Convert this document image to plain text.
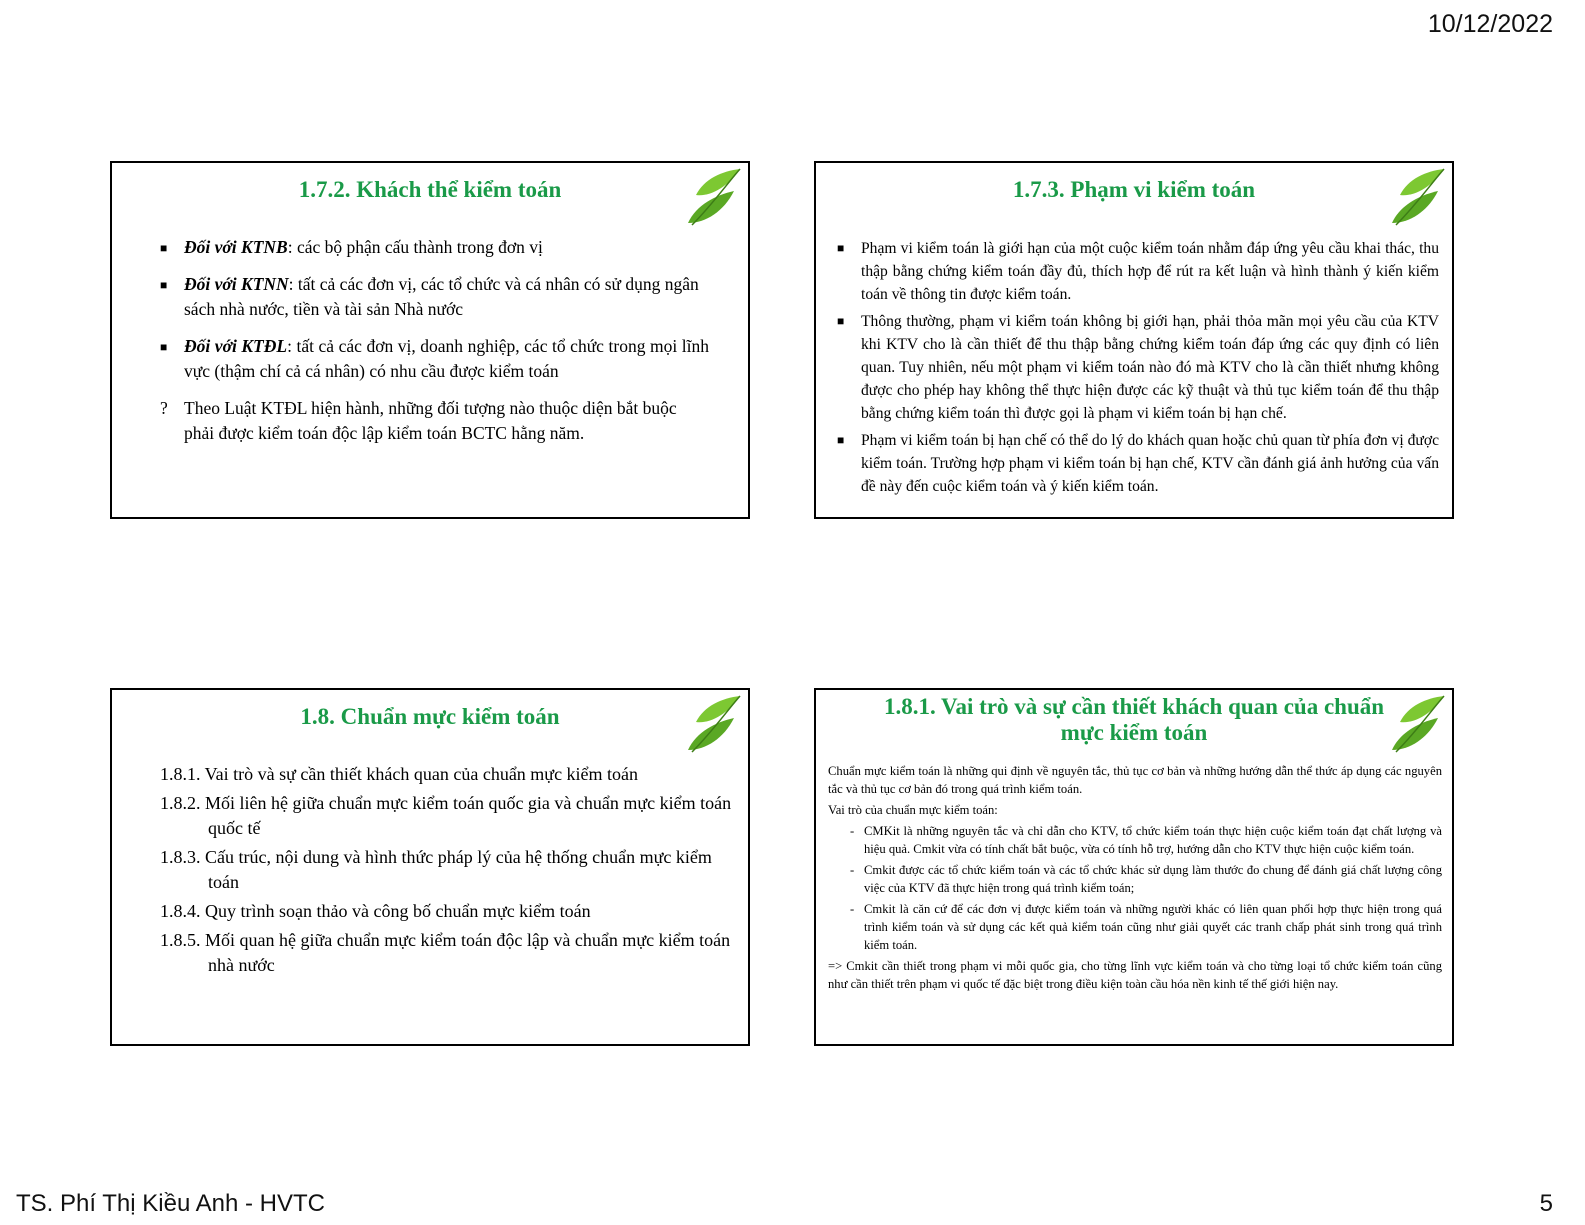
10/12/2022
1.7.2. Khách thể kiểm toán
■ Đối với KTNB: các bộ phận cấu thành trong đơn vị
■ Đối với KTNN: tất cả các đơn vị, các tổ chức và cá nhân có sử dụng ngân sách nhà nước, tiền và tài sản Nhà nước
■ Đối với KTĐL: tất cả các đơn vị, doanh nghiệp, các tổ chức trong mọi lĩnh vực (thậm chí cả cá nhân) có nhu cầu được kiểm toán
? Theo Luật KTĐL hiện hành, những đối tượng nào thuộc diện bắt buộc phải được kiểm toán độc lập kiểm toán BCTC hằng năm.
1.7.3. Phạm vi kiểm toán
■ Phạm vi kiểm toán là giới hạn của một cuộc kiểm toán nhằm đáp ứng yêu cầu khai thác, thu thập bằng chứng kiểm toán đầy đủ, thích hợp để rút ra kết luận và hình thành ý kiến kiểm toán về thông tin được kiểm toán.
■ Thông thường, phạm vi kiểm toán không bị giới hạn, phải thỏa mãn mọi yêu cầu của KTV khi KTV cho là cần thiết để thu thập bằng chứng kiểm toán đáp ứng các quy định có liên quan. Tuy nhiên, nếu một phạm vi kiểm toán nào đó mà KTV cho là cần thiết nhưng không được cho phép hay không thể thực hiện được các kỹ thuật và thủ tục kiểm toán để thu thập bằng chứng kiểm toán thì được gọi là phạm vi kiểm toán bị hạn chế.
■ Phạm vi kiểm toán bị hạn chế có thể do lý do khách quan hoặc chủ quan từ phía đơn vị được kiểm toán. Trường hợp phạm vi kiểm toán bị hạn chế, KTV cần đánh giá ảnh hưởng của vấn đề này đến cuộc kiểm toán và ý kiến kiểm toán.
1.8. Chuẩn mực kiểm toán
1.8.1. Vai trò và sự cần thiết khách quan của chuẩn mực kiểm toán
1.8.2. Mối liên hệ giữa chuẩn mực kiểm toán quốc gia và chuẩn mực kiểm toán quốc tế
1.8.3. Cấu trúc, nội dung và hình thức pháp lý của hệ thống chuẩn mực kiểm toán
1.8.4. Quy trình soạn thảo và công bố chuẩn mực kiểm toán
1.8.5. Mối quan hệ giữa chuẩn mực kiểm toán độc lập và chuẩn mực kiểm toán nhà nước
1.8.1. Vai trò và sự cần thiết khách quan của chuẩn mực kiểm toán

Chuẩn mực kiểm toán là những qui định về nguyên tắc, thủ tục cơ bản và những hướng dẫn thể thức áp dụng các nguyên tắc và thủ tục cơ bản đó trong quá trình kiểm toán.

Vai trò của chuẩn mực kiểm toán:

- CMKit là những nguyên tắc và chỉ dẫn cho KTV, tổ chức kiểm toán thực hiện cuộc kiểm toán đạt chất lượng và hiệu quả. Cmkit vừa có tính chất bắt buộc, vừa có tính hỗ trợ, hướng dẫn cho KTV thực hiện cuộc kiểm toán.
- Cmkit được các tổ chức kiểm toán và các tổ chức khác sử dụng làm thước đo chung để đánh giá chất lượng công việc của KTV đã thực hiện trong quá trình kiểm toán;
- Cmkit là căn cứ để các đơn vị được kiểm toán và những người khác có liên quan phối hợp thực hiện trong quá trình kiểm toán và sử dụng các kết quả kiểm toán cũng như giải quyết các tranh chấp phát sinh trong quá trình kiểm toán.

=> Cmkit cần thiết trong phạm vi mỗi quốc gia, cho từng lĩnh vực kiểm toán và cho từng loại tổ chức kiểm toán cũng như cần thiết trên phạm vi quốc tế đặc biệt trong điều kiện toàn cầu hóa nền kinh tế thế giới hiện nay.

TS. Phí Thị Kiều Anh - HVTC	5
